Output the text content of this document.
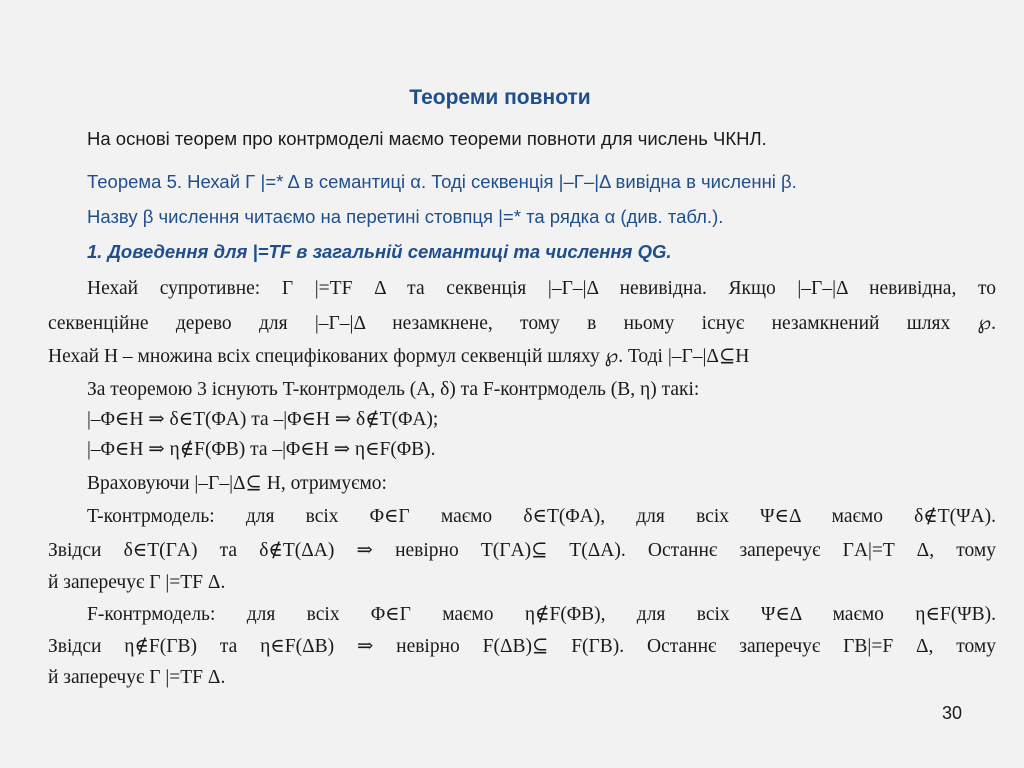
Теореми повноти
На основі теорем про контрмоделі маємо теореми повноти для числень ЧКНЛ.
Теорема 5. Нехай Γ |=* Δ в семантиці α. Тоді секвенція |–Γ–|Δ вивідна в численні β.
Назву β числення читаємо на перетині стовпця |=* та рядка α (див. табл.).
1. Доведення для |=TF в загальній семантиці та числення QG.
Нехай супротивне: Γ |=TF Δ та секвенція |–Γ–|Δ невивідна. Якщо |–Γ–|Δ невивідна, то
секвенційне дерево для |–Γ–|Δ незамкнене, тому в ньому існує незамкнений шлях ℘.
Нехай H – множина всіх специфікованих формул секвенцій шляху ℘. Тоді |–Γ–|Δ⊆H
За теоремою 3 існують T-контрмодель (A, δ) та F-контрмодель (B, η) такі:
|–Φ∈H ⇒ δ∈T(ΦA) та –|Φ∈H ⇒ δ∉T(ΦA);
|–Φ∈H ⇒ η∉F(ΦB) та –|Φ∈H ⇒ η∈F(ΦB).
Враховуючи |–Γ–|Δ⊆ H, отримуємо:
T-контрмодель: для всіх Φ∈Γ маємо δ∈T(ΦA), для всіх Ψ∈Δ маємо δ∉T(ΨA).
Звідси δ∈T(ΓA) та δ∉T(ΔA) ⇒ невірно T(ΓA)⊆ T(ΔA). Останнє заперечує ΓA|=T Δ, тому
й заперечує Γ |=TF Δ.
F-контрмодель: для всіх Φ∈Γ маємо η∉F(ΦB), для всіх Ψ∈Δ маємо η∈F(ΨB).
Звідси η∉F(ΓB) та η∈F(ΔB) ⇒ невірно F(ΔB)⊆ F(ΓB). Останнє заперечує ΓB|=F Δ, тому
й заперечує Γ |=TF Δ.
30
